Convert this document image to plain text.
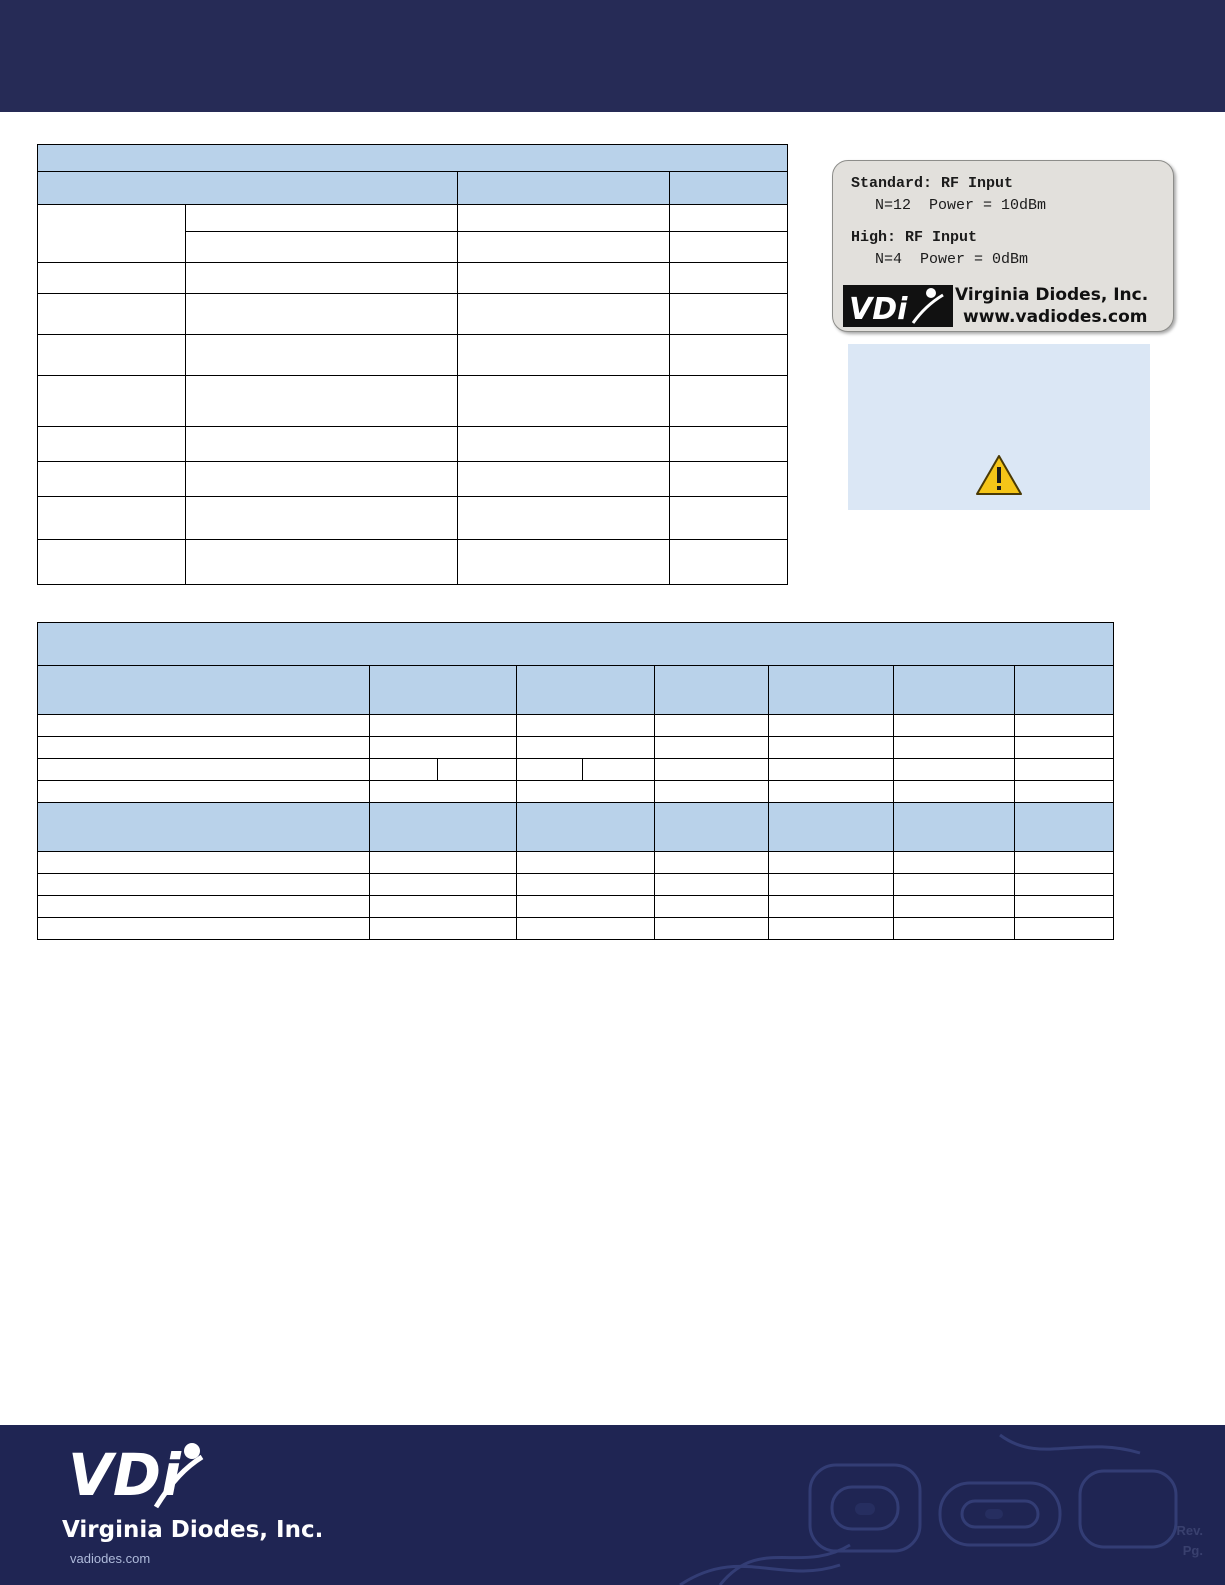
Standard: RF Input
N=12  Power = 10dBm
High: RF Input
N=4  Power = 0dBm
VDi	Virginia Diodes, Inc.
www.vadiodes.com

VDi
Virginia Diodes, Inc.
vadiodes.com
Rev.
Pg.
